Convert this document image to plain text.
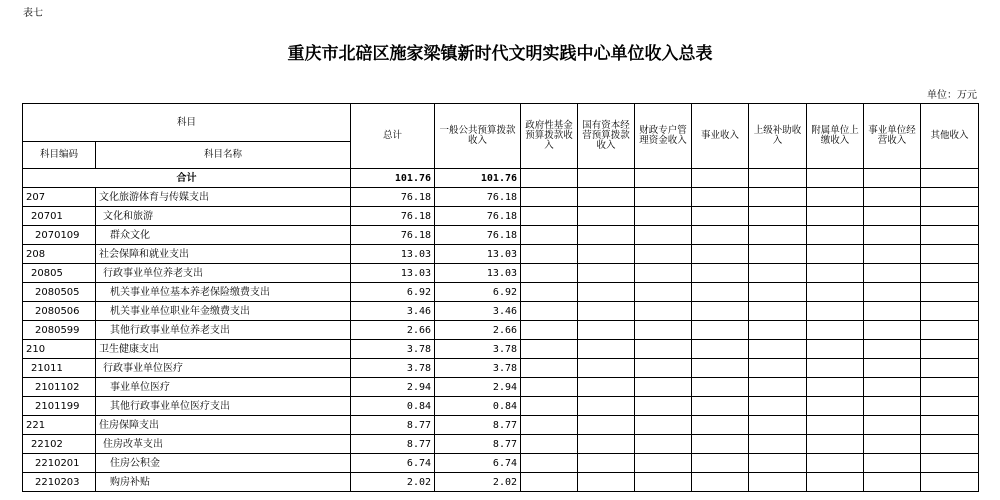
表七
重庆市北碚区施家梁镇新时代文明实践中心单位收入总表
单位：万元
科目		总计	一般公共预算拨款收入	政府性基金预算拨款收入	国有资本经营预算拨款收入	财政专户管理资金收入	事业收入	上级补助收入	附属单位上缴收入	事业单位经营收入	其他收入
科目编码	科目名称										
合计		101.76	101.76								
207	文化旅游体育与传媒支出	76.18	76.18								
20701	文化和旅游	76.18	76.18								
2070109	群众文化	76.18	76.18								
208	社会保障和就业支出	13.03	13.03								
20805	行政事业单位养老支出	13.03	13.03								
2080505	机关事业单位基本养老保险缴费支出	6.92	6.92								
2080506	机关事业单位职业年金缴费支出	3.46	3.46								
2080599	其他行政事业单位养老支出	2.66	2.66								
210	卫生健康支出	3.78	3.78								
21011	行政事业单位医疗	3.78	3.78								
2101102	事业单位医疗	2.94	2.94								
2101199	其他行政事业单位医疗支出	0.84	0.84								
221	住房保障支出	8.77	8.77								
22102	住房改革支出	8.77	8.77								
2210201	住房公积金	6.74	6.74								
2210203	购房补贴	2.02	2.02								
